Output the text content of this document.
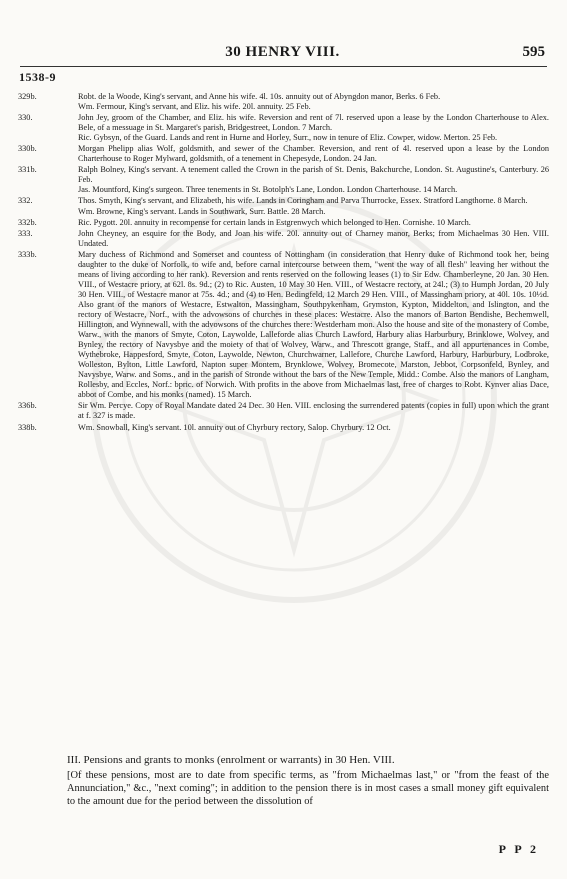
30 HENRY VIII.	595
1538-9
329b.	Robt. de la Woode, King's servant, and Anne his wife. 4l. 10s. annuity out of Abyngdon manor, Berks. 6 Feb.
Wm. Fermour, King's servant, and Eliz. his wife. 20l. annuity. 25 Feb.
330.	John Jey, groom of the Chamber, and Eliz. his wife. Reversion and rent of 7l. reserved upon a lease by the London Charterhouse to Alex. Bele, of a messuage in St. Margaret's parish, Bridgestreet, London. 7 March.
Ric. Gybsyn, of the Guard. Lands and rent in Hurne and Horley, Surr., now in tenure of Eliz. Cowper, widow. Merton. 25 Feb.
330b.	Morgan Phelipp alias Wolf, goldsmith, and sewer of the Chamber. Reversion, and rent of 4l. reserved upon a lease by the London Charterhouse to Roger Mylward, goldsmith, of a tenement in Chepesyde, London. 24 Jan.
331b.	Ralph Bolney, King's servant. A tenement called the Crown in the parish of St. Denis, Bakchurche, London. St. Augustine's, Canterbury. 26 Feb.
Jas. Mountford, King's surgeon. Three tenements in St. Botolph's Lane, London. London Charterhouse. 14 March.
332.	Thos. Smyth, King's servant, and Elizabeth, his wife. Lands in Coringham and Parva Thurrocke, Essex. Stratford Langthorne. 8 March.
Wm. Browne, King's servant. Lands in Southwark, Surr. Battle. 28 March.
332b.	Ric. Pygott. 20l. annuity in recompense for certain lands in Estgrenwych which belonged to Hen. Cornishe. 10 March.
333.	John Cheyney, an esquire for the Body, and Joan his wife. 20l. annuity out of Charney manor, Berks; from Michaelmas 30 Hen. VIII. Undated.
333b.	Mary duchess of Richmond and Somerset and countess of Nottingham (in consideration that Henry duke of Richmond took her, being daughter to the duke of Norfolk, to wife and, before carnal intercourse between them, "went the way of all flesh" leaving her without the means of living according to her rank). Reversion and rents reserved on the following leases (1) to Sir Edw. Chamberleyne, 20 Jan. 30 Hen. VIII., of Westacre priory, at 62l. 8s. 9d.; (2) to Ric. Austen, 10 May 30 Hen. VIII., of Westacre rectory, at 24l.; (3) to Humph Jordan, 20 July 30 Hen. VIII., of Westacre manor at 75s. 4d.; and (4) to Hen. Bedingfeld, 12 March 29 Hen. VIII., of Massingham priory, at 40l. 10s. 10½d. Also grant of the manors of Westacre, Estwalton, Massingham, Southpykenham, Grymston, Kypton, Middelton, and Islington, and the rectory of Westacre, Norf., with the advowsons of churches in these places: Westacre. Also the manors of Barton Bendishe, Bechemwell, Hillington, and Wynnewall, with the advowsons of the churches there: Westderham mon. Also the house and site of the monastery of Combe, Warw., with the manors of Smyte, Coton, Laywolde, Lalleforde alias Church Lawford, Harbury alias Harburbury, Brinklowe, Wolvey, and Bynley, the rectory of Navysbye and the moiety of that of Wolvey, Warw., and Threscott grange, Staff., and all appurtenances in Combe, Wythebroke, Happesford, Smyte, Coton, Laywolde, Newton, Churchwarner, Lalleforе, Churche Lawford, Harbury, Harburbury, Lodbroke, Wolleston, Bylton, Little Lawford, Napton super Montem, Brynklowe, Wolvey, Bromecote, Marston, Jebbot, Corpsonfeld, Bynley, and Navysbye, Warw. and Soms., and in the parish of Stronde without the bars of the New Temple, Midd.: Combe. Also the manors of Langham, Rollesby, and Eccles, Norf.: bpric. of Norwich. With profits in the above from Michaelmas last, free of charges to Robt. Kynver alias Dace, abbot of Combe, and his monks (named). 15 March.
336b.	Sir Wm. Percye. Copy of Royal Mandate dated 24 Dec. 30 Hen. VIII. enclosing the surrendered patents (copies in full) upon which the grant at f. 327 is made.
338b.	Wm. Snowball, King's servant. 10l. annuity out of Chyrbury rectory, Salop. Chyrbury. 12 Oct.
III. Pensions and grants to monks (enrolment or warrants) in 30 Hen. VIII.
[Of these pensions, most are to date from specific terms, as "from Michaelmas last," or "from the feast of the Annunciation," &c., "next coming"; in addition to the pension there is in most cases a small money gift equivalent to the amount due for the period between the dissolution of
P P 2
